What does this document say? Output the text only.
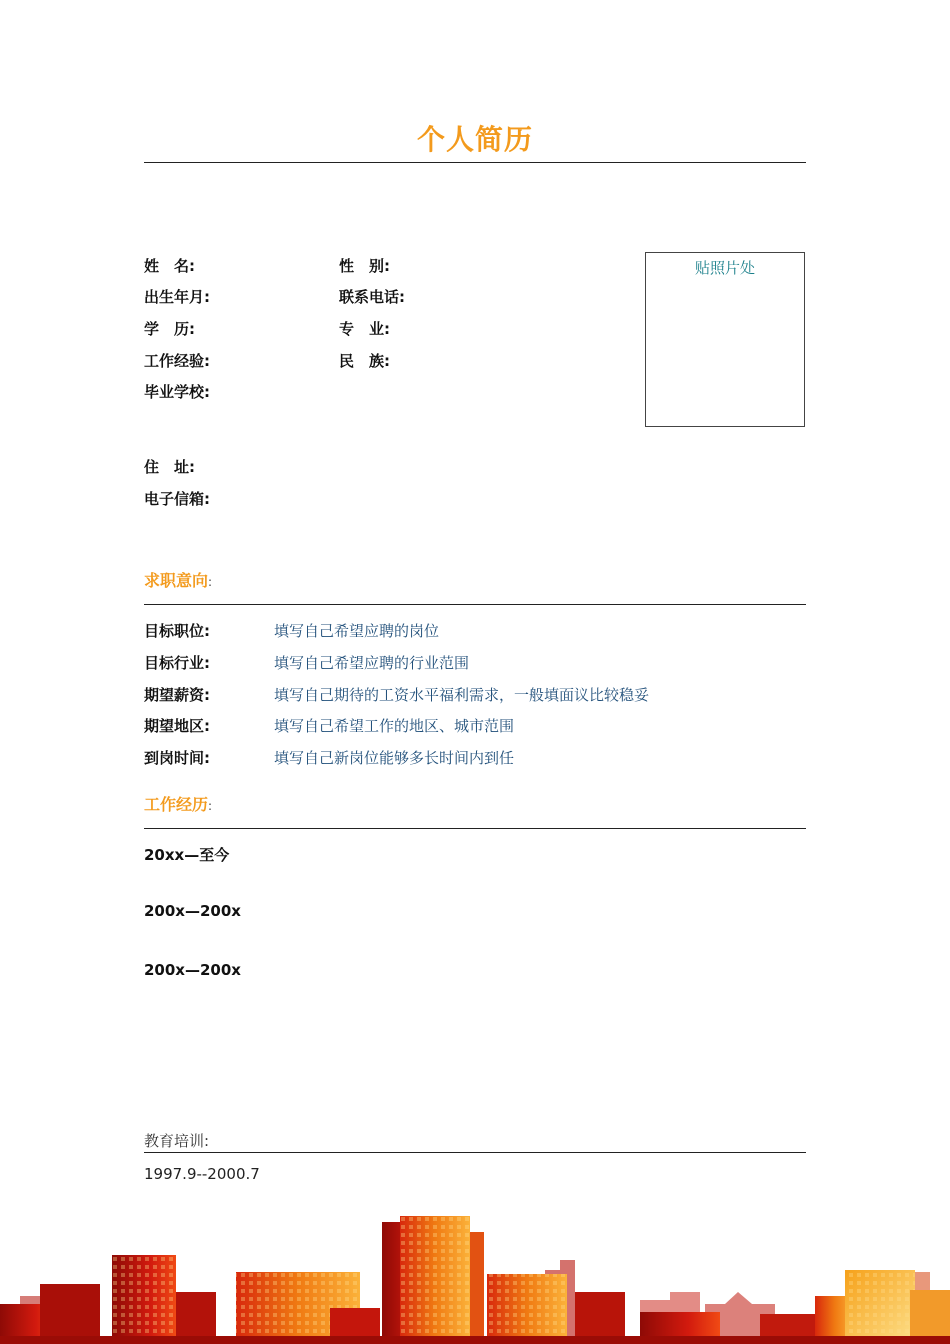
个人简历
姓　名:	性　别:
出生年月:	联系电话:
学　历:	专　业:
工作经验:	民　族:
毕业学校:
住　址:
电子信箱:
贴照片处
求职意向:
目标职位:	填写自己希望应聘的岗位
目标行业:	填写自己希望应聘的行业范围
期望薪资:	填写自己期待的工资水平福利需求，一般填面议比较稳妥
期望地区:	填写自己希望工作的地区、城市范围
到岗时间:	填写自己新岗位能够多长时间内到任
工作经历:
20xx—至今
200x—200x
200x—200x
教育培训:
1997.9--2000.7
